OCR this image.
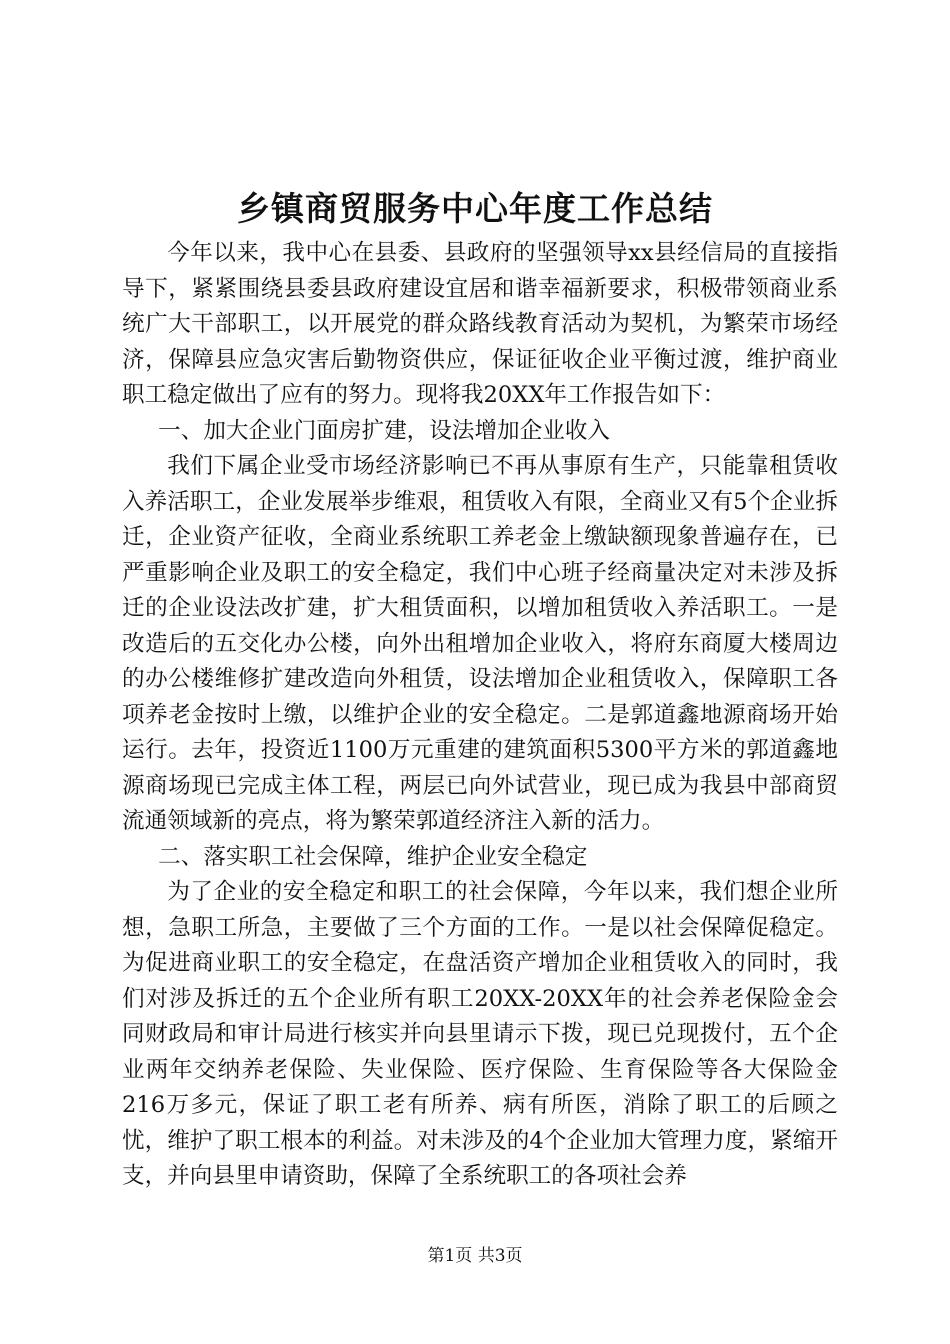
乡镇商贸服务中心年度工作总结

今年以来，我中心在县委、县政府的坚强领导xx县经信局的直接指导下，紧紧围绕县委县政府建设宜居和谐幸福新要求，积极带领商业系统广大干部职工，以开展党的群众路线教育活动为契机，为繁荣市场经济，保障县应急灾害后勤物资供应，保证征收企业平衡过渡，维护商业职工稳定做出了应有的努力。现将我20XX年工作报告如下：

一、加大企业门面房扩建，设法增加企业收入

我们下属企业受市场经济影响已不再从事原有生产，只能靠租赁收入养活职工，企业发展举步维艰，租赁收入有限，全商业又有5个企业拆迁，企业资产征收，全商业系统职工养老金上缴缺额现象普遍存在，已严重影响企业及职工的安全稳定，我们中心班子经商量决定对未涉及拆迁的企业设法改扩建，扩大租赁面积，以增加租赁收入养活职工。一是改造后的五交化办公楼，向外出租增加企业收入，将府东商厦大楼周边的办公楼维修扩建改造向外租赁，设法增加企业租赁收入，保障职工各项养老金按时上缴，以维护企业的安全稳定。二是郭道鑫地源商场开始运行。去年，投资近1100万元重建的建筑面积5300平方米的郭道鑫地源商场现已完成主体工程，两层已向外试营业，现已成为我县中部商贸流通领域新的亮点，将为繁荣郭道经济注入新的活力。

二、落实职工社会保障，维护企业安全稳定

为了企业的安全稳定和职工的社会保障，今年以来，我们想企业所想，急职工所急，主要做了三个方面的工作。一是以社会保障促稳定。为促进商业职工的安全稳定，在盘活资产增加企业租赁收入的同时，我们对涉及拆迁的五个企业所有职工20XX-20XX年的社会养老保险金会同财政局和审计局进行核实并向县里请示下拨，现已兑现拨付，五个企业两年交纳养老保险、失业保险、医疗保险、生育保险等各大保险金216万多元，保证了职工老有所养、病有所医，消除了职工的后顾之忧，维护了职工根本的利益。对未涉及的4个企业加大管理力度，紧缩开支，并向县里申请资助，保障了全系统职工的各项社会养

第1页 共3页
